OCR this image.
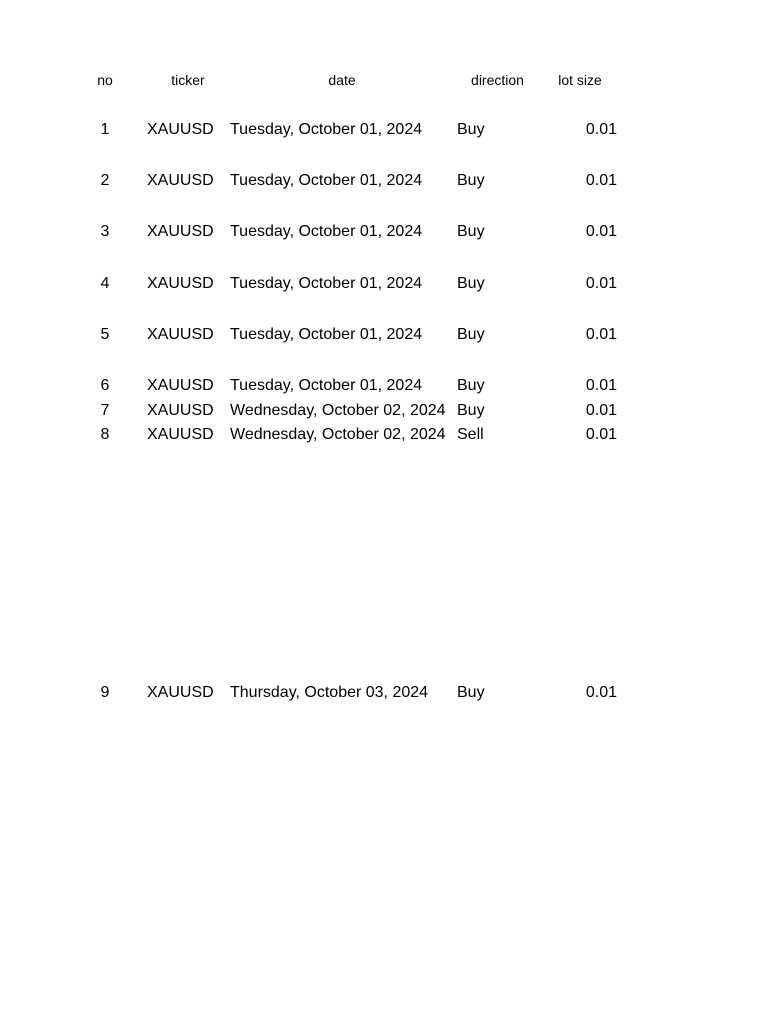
no	ticker	date	direction	lot size
1	XAUUSD Tuesday, October 01, 2024	Buy	0.01
2	XAUUSD Tuesday, October 01, 2024	Buy	0.01
3	XAUUSD Tuesday, October 01, 2024	Buy	0.01
4	XAUUSD Tuesday, October 01, 2024	Buy	0.01
5	XAUUSD Tuesday, October 01, 2024	Buy	0.01
6	XAUUSD Tuesday, October 01, 2024	Buy	0.01
7	XAUUSD Wednesday, October 02, 2024 Buy	0.01
8	XAUUSD Wednesday, October 02, 2024 Sell	0.01
9	XAUUSD Thursday, October 03, 2024	Buy	0.01
